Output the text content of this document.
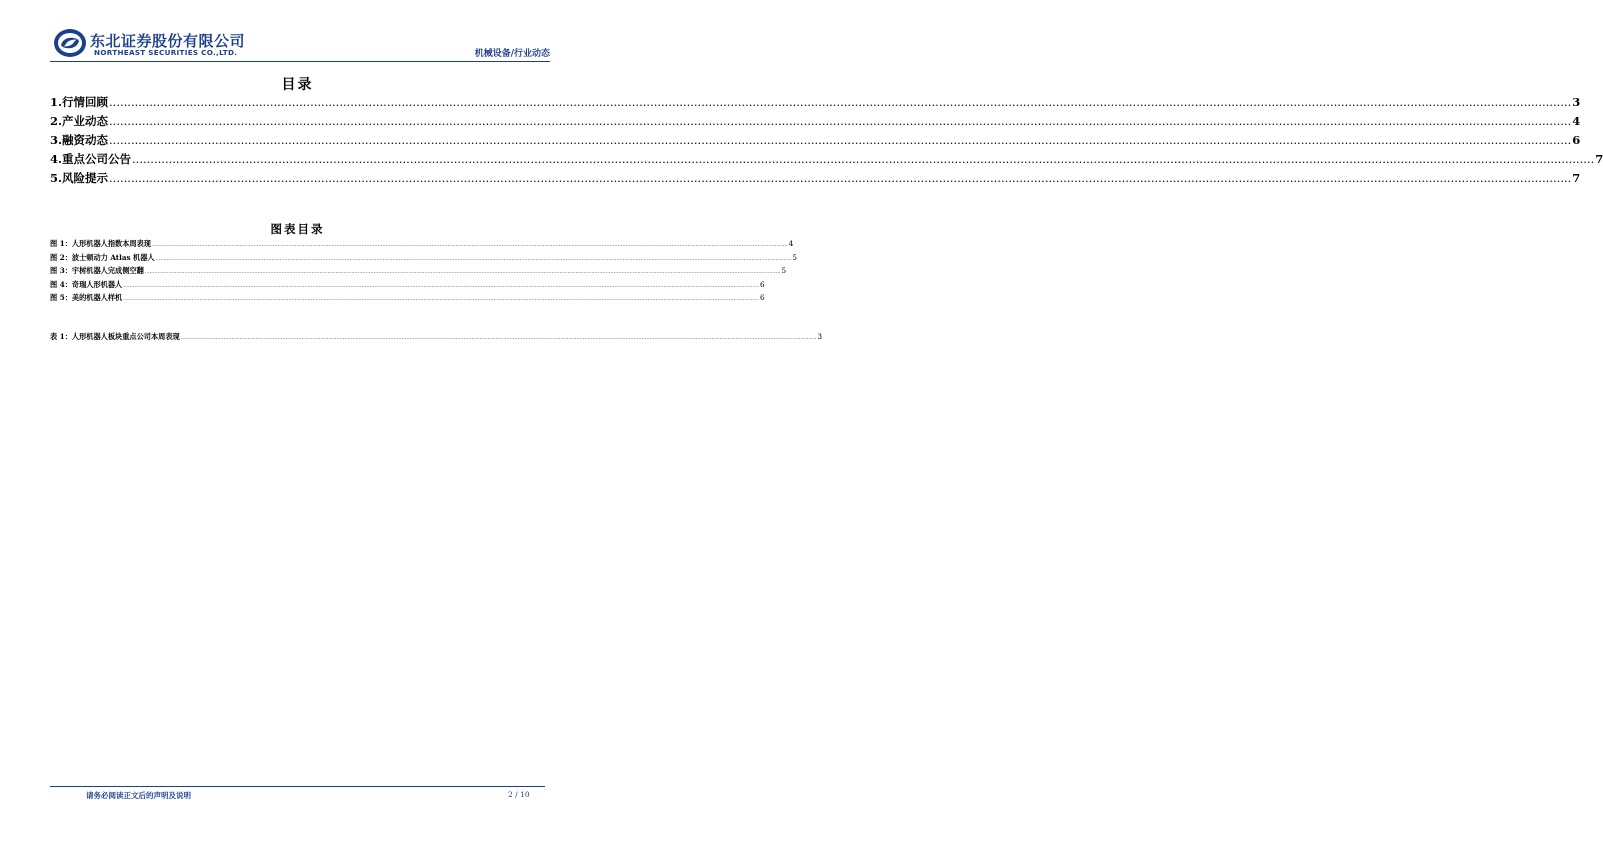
东北证券股份有限公司
NORTHEAST SECURITIES CO.,LTD.	机械设备/行业动态
目录
1. 行情回顾 ................................................................................................................................................................................................................................................................................................................................................................................................................ 3
2. 产业动态 ................................................................................................................................................................................................................................................................................................................................................................................................................ 4
3. 融资动态 ................................................................................................................................................................................................................................................................................................................................................................................................................ 6
4. 重点公司公告 ................................................................................................................................................................................................................................................................................................................................................................................................................ 7
5. 风险提示 ................................................................................................................................................................................................................................................................................................................................................................................................................ 7
图表目录
图 1：人形机器人指数本周表现 ................................................................................................................................................................................................................................................................................................................................................................................................................ 4
图 2：波士顿动力 Atlas 机器人 ................................................................................................................................................................................................................................................................................................................................................................................................................ 5
图 3：宇树机器人完成侧空翻 ................................................................................................................................................................................................................................................................................................................................................................................................................ 5
图 4：奇瑞人形机器人 ................................................................................................................................................................................................................................................................................................................................................................................................................ 6
图 5：美的机器人样机 ................................................................................................................................................................................................................................................................................................................................................................................................................ 6
表 1：人形机器人板块重点公司本周表现 ................................................................................................................................................................................................................................................................................................................................................................................................................ 3
请务必阅读正文后的声明及说明	2 / 10
